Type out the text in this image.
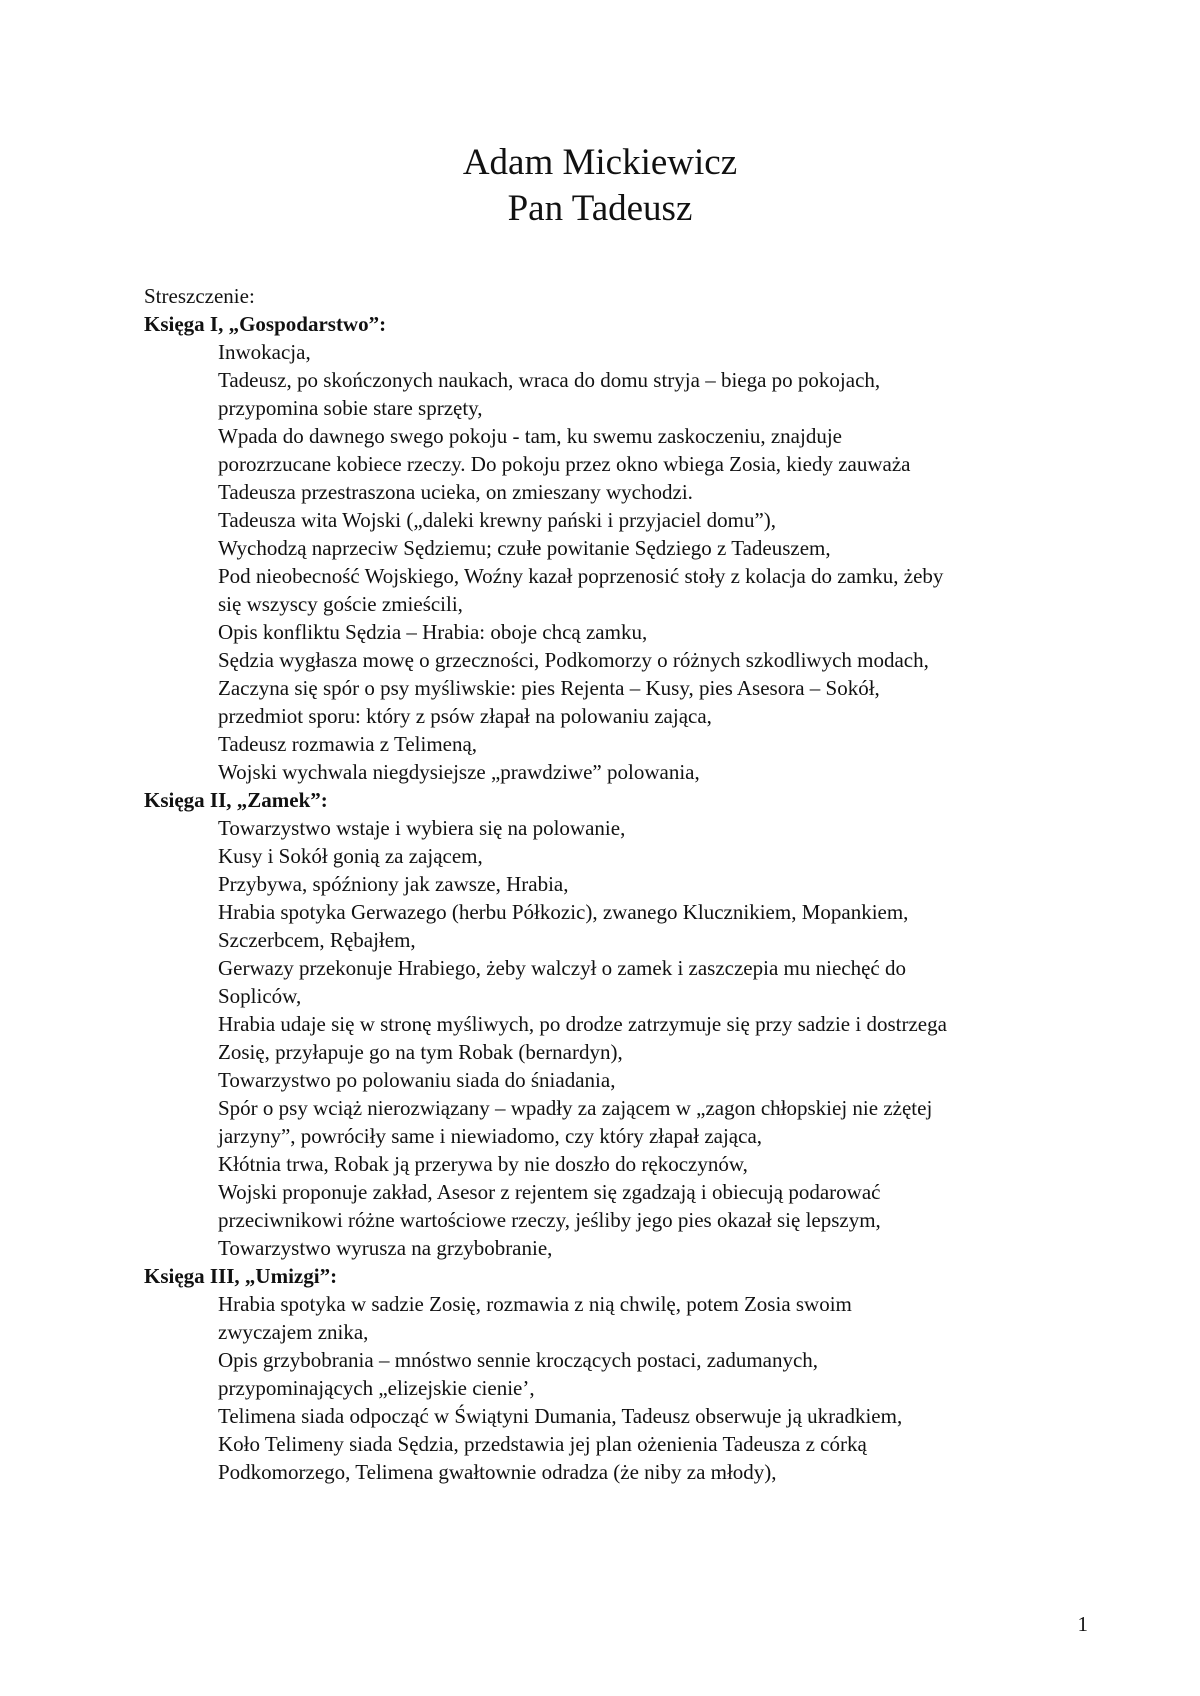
Adam Mickiewicz
Pan Tadeusz
Streszczenie:
Księga I, „Gospodarstwo”:
Inwokacja,
Tadeusz, po skończonych naukach, wraca do domu stryja – biega po pokojach,
przypomina sobie stare sprzęty,
Wpada do dawnego swego pokoju - tam, ku swemu zaskoczeniu, znajduje
porozrzucane kobiece rzeczy. Do pokoju przez okno wbiega Zosia, kiedy zauważa
Tadeusza przestraszona ucieka, on zmieszany wychodzi.
Tadeusza wita Wojski („daleki krewny pański i przyjaciel domu”),
Wychodzą naprzeciw Sędziemu; czułe powitanie Sędziego z Tadeuszem,
Pod nieobecność Wojskiego, Woźny kazał poprzenosić stoły z kolacja do zamku, żeby
się wszyscy goście zmieścili,
Opis konfliktu Sędzia – Hrabia: oboje chcą zamku,
Sędzia wygłasza mowę o grzeczności, Podkomorzy o różnych szkodliwych modach,
Zaczyna się spór o psy myśliwskie: pies Rejenta – Kusy, pies Asesora – Sokół,
przedmiot sporu: który z psów złapał na polowaniu zająca,
Tadeusz rozmawia z Telimeną,
Wojski wychwala niegdysiejsze „prawdziwe” polowania,
Księga II, „Zamek”:
Towarzystwo wstaje i wybiera się na polowanie,
Kusy i Sokół gonią za zającem,
Przybywa, spóźniony jak zawsze, Hrabia,
Hrabia spotyka Gerwazego (herbu Półkozic), zwanego Klucznikiem, Mopankiem,
Szczerbcem, Rębajłem,
Gerwazy przekonuje Hrabiego, żeby walczył o zamek i zaszczepia mu niechęć do
Sopliców,
Hrabia udaje się w stronę myśliwych, po drodze zatrzymuje się przy sadzie i dostrzega
Zosię, przyłapuje go na tym Robak (bernardyn),
Towarzystwo po polowaniu siada do śniadania,
Spór o psy wciąż nierozwiązany – wpadły za zającem w „zagon chłopskiej nie zżętej
jarzyny”, powróciły same i niewiadomo, czy który złapał zająca,
Kłótnia trwa, Robak ją przerywa by nie doszło do rękoczynów,
Wojski proponuje zakład, Asesor z rejentem się zgadzają i obiecują podarować
przeciwnikowi różne wartościowe rzeczy, jeśliby jego pies okazał się lepszym,
Towarzystwo wyrusza na grzybobranie,
Księga III, „Umizgi”:
Hrabia spotyka w sadzie Zosię, rozmawia z nią chwilę, potem Zosia swoim
zwyczajem znika,
Opis grzybobrania – mnóstwo sennie kroczących postaci, zadumanych,
przypominających „elizejskie cienie’,
Telimena siada odpocząć w Świątyni Dumania, Tadeusz obserwuje ją ukradkiem,
Koło Telimeny siada Sędzia, przedstawia jej plan ożenienia Tadeusza z córką
Podkomorzego, Telimena gwałtownie odradza (że niby za młody),
1
